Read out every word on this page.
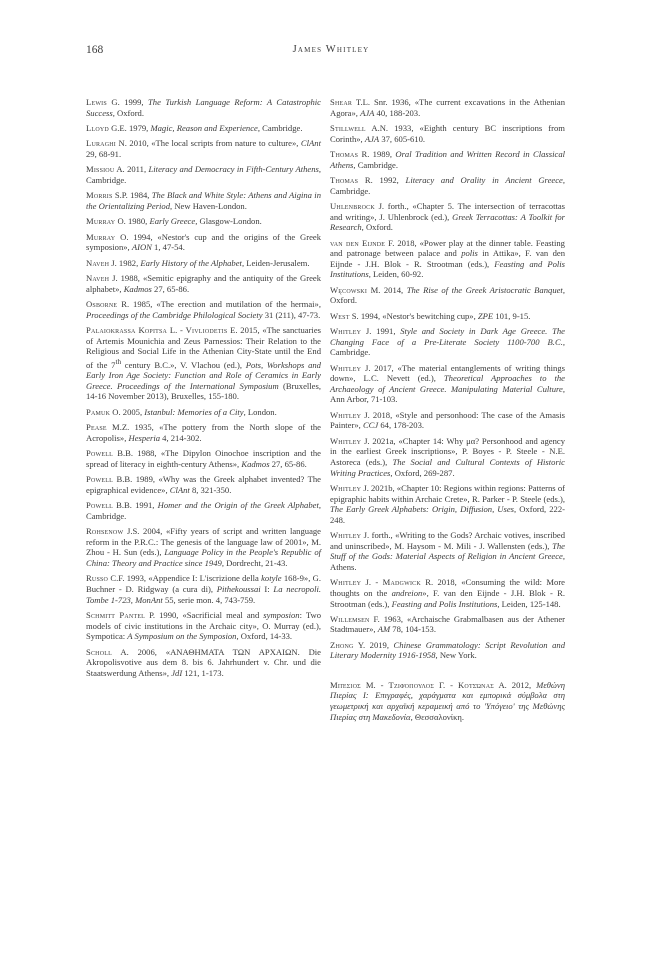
168	James Whitley

Lewis G. 1999, The Turkish Language Reform: A Catastrophic Success, Oxford.

Lloyd G.E. 1979, Magic, Reason and Experience, Cambridge.

Luraghi N. 2010, «The local scripts from nature to culture», ClAnt 29, 68-91.

Missiou A. 2011, Literacy and Democracy in Fifth-Century Athens, Cambridge.

Morris S.P. 1984, The Black and White Style: Athens and Aigina in the Orientalizing Period, New Haven-London.

Murray O. 1980, Early Greece, Glasgow-London.

Murray O. 1994, «Nestor's cup and the origins of the Greek symposion», AION 1, 47-54.

Naveh J. 1982, Early History of the Alphabet, Leiden-Jerusalem.

Naveh J. 1988, «Semitic epigraphy and the antiquity of the Greek alphabet», Kadmos 27, 65-86.

Osborne R. 1985, «The erection and mutilation of the hermai», Proceedings of the Cambridge Philological Society 31 (211), 47-73.

Palaiokrassa Kopitsa L. - Vivliodetis E. 2015, «The sanctuaries of Artemis Mounichia and Zeus Parnessios: Their Relation to the Religious and Social Life in the Athenian City-State until the End of the 7th century B.C.», V. Vlachou (ed.), Pots, Workshops and Early Iron Age Society: Function and Role of Ceramics in Early Greece. Proceedings of the International Symposium (Bruxelles, 14-16 November 2013), Bruxelles, 155-180.

Pamuk O. 2005, Istanbul: Memories of a City, London.

Pease M.Z. 1935, «The pottery from the North slope of the Acropolis», Hesperia 4, 214-302.

Powell B.B. 1988, «The Dipylon Oinochoe inscription and the spread of literacy in eighth-century Athens», Kadmos 27, 65-86.

Powell B.B. 1989, «Why was the Greek alphabet invented? The epigraphical evidence», ClAnt 8, 321-350.

Powell B.B. 1991, Homer and the Origin of the Greek Alphabet, Cambridge.

Rohsenow J.S. 2004, «Fifty years of script and written language reform in the P.R.C.: The genesis of the language law of 2001», M. Zhou - H. Sun (eds.), Language Policy in the People's Republic of China: Theory and Practice since 1949, Dordrecht, 21-43.

Russo C.F. 1993, «Appendice I: L'iscrizione della kotyle 168-9», G. Buchner - D. Ridgway (a cura di), Pithekoussai I: La necropoli. Tombe 1-723, MonAnt 55, serie mon. 4, 743-759.

Schmitt Pantel P. 1990, «Sacrificial meal and symposion: Two models of civic institutions in the Archaic city», O. Murray (ed.), Sympotica: A Symposium on the Symposion, Oxford, 14-33.

Scholl A. 2006, «ΑΝΑΘΗΜΑΤΑ ΤΩΝ ΑΡΧΑΙΩΝ. Die Akropolisvotive aus dem 8. bis 6. Jahrhundert v. Chr. und die Staatswerdung Athens», JdI 121, 1-173.

Shear T.L. Snr. 1936, «The current excavations in the Athenian Agora», AJA 40, 188-203.

Stillwell A.N. 1933, «Eighth century BC inscriptions from Corinth», AJA 37, 605-610.

Thomas R. 1989, Oral Tradition and Written Record in Classical Athens, Cambridge.

Thomas R. 1992, Literacy and Orality in Ancient Greece, Cambridge.

Uhlenbrock J. forth., «Chapter 5. The intersection of terracottas and writing», J. Uhlenbrock (ed.), Greek Terracottas: A Toolkit for Research, Oxford.

van den Eijnde F. 2018, «Power play at the dinner table. Feasting and patronage between palace and polis in Attika», F. van den Eijnde - J.H. Blok - R. Strootman (eds.), Feasting and Polis Institutions, Leiden, 60-92.

Węcowski M. 2014, The Rise of the Greek Aristocratic Banquet, Oxford.

West S. 1994, «Nestor's bewitching cup», ZPE 101, 9-15.

Whitley J. 1991, Style and Society in Dark Age Greece. The Changing Face of a Pre-Literate Society 1100-700 B.C., Cambridge.

Whitley J. 2017, «The material entanglements of writing things down», L.C. Nevett (ed.), Theoretical Approaches to the Archaeology of Ancient Greece. Manipulating Material Culture, Ann Arbor, 71-103.

Whitley J. 2018, «Style and personhood: The case of the Amasis Painter», CCJ 64, 178-203.

Whitley J. 2021a, «Chapter 14: Why μα? Personhood and agency in the earliest Greek inscriptions», P. Boyes - P. Steele - N.E. Astoreca (eds.), The Social and Cultural Contexts of Historic Writing Practices, Oxford, 269-287.

Whitley J. 2021b, «Chapter 10: Regions within regions: Patterns of epigraphic habits within Archaic Crete», R. Parker - P. Steele (eds.), The Early Greek Alphabets: Origin, Diffusion, Uses, Oxford, 222-248.

Whitley J. forth., «Writing to the Gods? Archaic votives, inscribed and uninscribed», M. Haysom - M. Mili - J. Wallensten (eds.), The Stuff of the Gods: Material Aspects of Religion in Ancient Greece, Athens.

Whitley J. - Madgwick R. 2018, «Consuming the wild: More thoughts on the andreion», F. van den Eijnde - J.H. Blok - R. Strootman (eds.), Feasting and Polis Institutions, Leiden, 125-148.

Willemsen F. 1963, «Archaische Grabmalbasen aus der Athener Stadtmauer», AM 78, 104-153.

Zhong Y. 2019, Chinese Grammatology: Script Revolution and Literary Modernity 1916-1958, New York.

Μπέσιος Μ. - Τζιφόπουλος Γ. - Κοτσώνας Α. 2012, Μεθώνη Πιερίας Ι: Επιγραφές, χαράγματα και εμπορικά σύμβολα στη γεωμετρική και αρχαϊκή κεραμεική από το 'Υπόγειο' της Μεθώνης Πιερίας στη Μακεδονία, Θεσσαλονίκη.
